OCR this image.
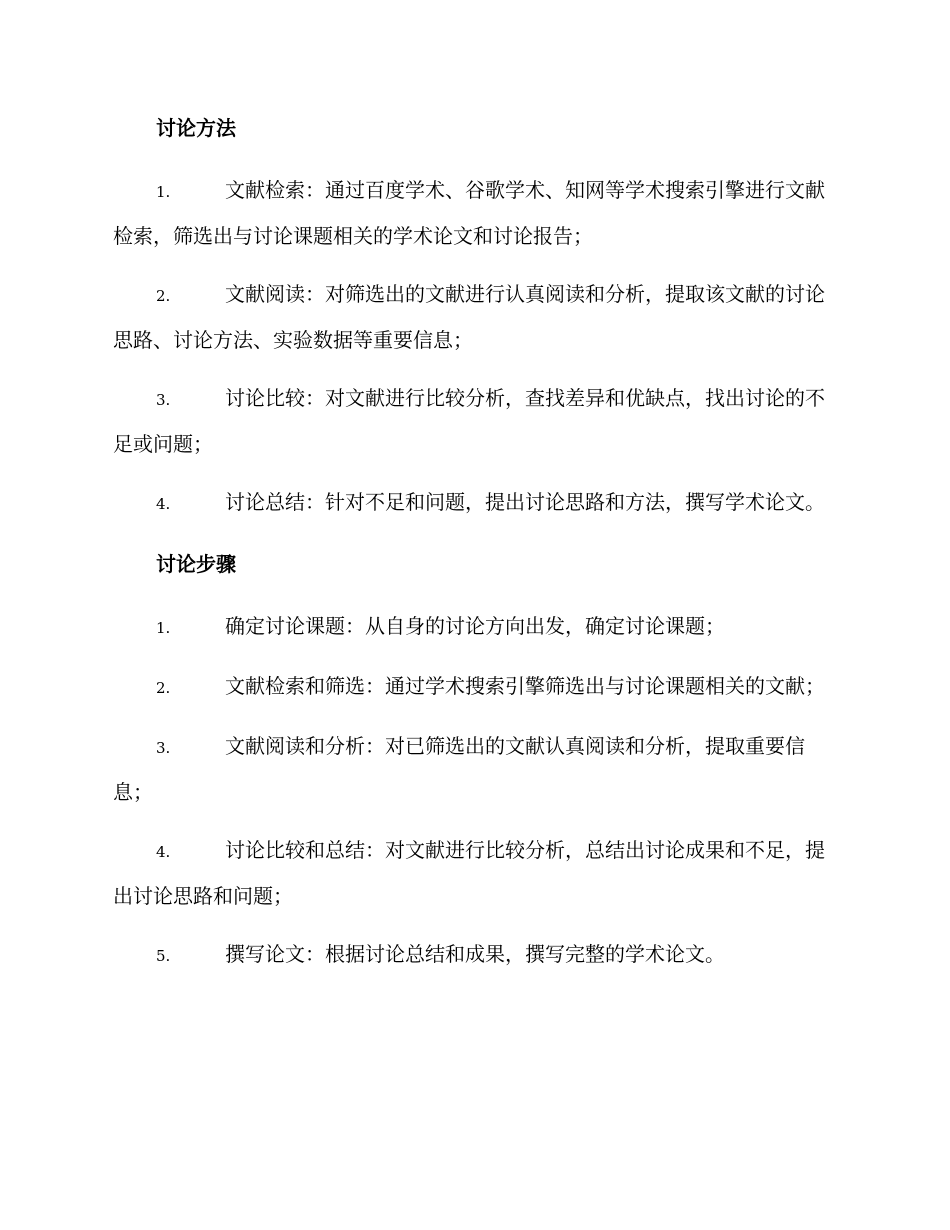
讨论方法

1.	文献检索：通过百度学术、谷歌学术、知网等学术搜索引擎进行文献检索，筛选出与讨论课题相关的学术论文和讨论报告；

2.	文献阅读：对筛选出的文献进行认真阅读和分析，提取该文献的讨论思路、讨论方法、实验数据等重要信息；

3.	讨论比较：对文献进行比较分析，查找差异和优缺点，找出讨论的不足或问题；

4.	讨论总结：针对不足和问题，提出讨论思路和方法，撰写学术论文。

讨论步骤

1.	确定讨论课题：从自身的讨论方向出发，确定讨论课题；

2.	文献检索和筛选：通过学术搜索引擎筛选出与讨论课题相关的文献；

3.	文献阅读和分析：对已筛选出的文献认真阅读和分析，提取重要信息；

4.	讨论比较和总结：对文献进行比较分析，总结出讨论成果和不足，提出讨论思路和问题；

5.	撰写论文：根据讨论总结和成果，撰写完整的学术论文。
